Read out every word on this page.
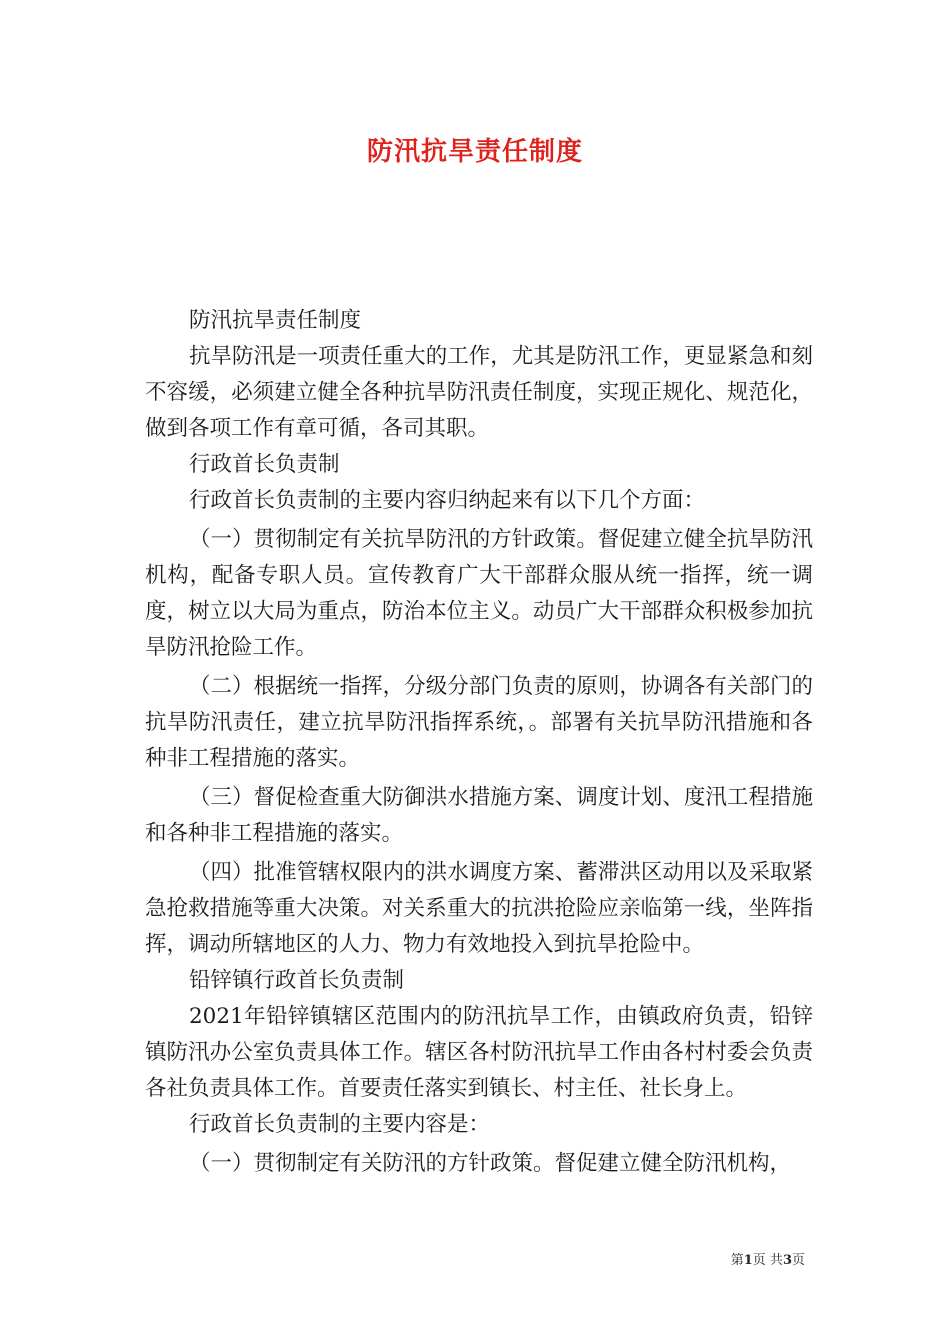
防汛抗旱责任制度

防汛抗旱责任制度

抗旱防汛是一项责任重大的工作，尤其是防汛工作，更显紧急和刻不容缓，必须建立健全各种抗旱防汛责任制度，实现正规化、规范化，做到各项工作有章可循，各司其职。

行政首长负责制

行政首长负责制的主要内容归纳起来有以下几个方面：

（一）贯彻制定有关抗旱防汛的方针政策。督促建立健全抗旱防汛机构，配备专职人员。宣传教育广大干部群众服从统一指挥，统一调度，树立以大局为重点，防治本位主义。动员广大干部群众积极参加抗旱防汛抢险工作。

（二）根据统一指挥，分级分部门负责的原则，协调各有关部门的抗旱防汛责任，建立抗旱防汛指挥系统，。部署有关抗旱防汛措施和各种非工程措施的落实。

（三）督促检查重大防御洪水措施方案、调度计划、度汛工程措施和各种非工程措施的落实。

（四）批准管辖权限内的洪水调度方案、蓄滞洪区动用以及采取紧急抢救措施等重大决策。对关系重大的抗洪抢险应亲临第一线，坐阵指挥，调动所辖地区的人力、物力有效地投入到抗旱抢险中。

铅锌镇行政首长负责制

2021年铅锌镇辖区范围内的防汛抗旱工作，由镇政府负责，铅锌镇防汛办公室负责具体工作。辖区各村防汛抗旱工作由各村村委会负责各社负责具体工作。首要责任落实到镇长、村主任、社长身上。

行政首长负责制的主要内容是：

（一）贯彻制定有关防汛的方针政策。督促建立健全防汛机构，

第1页 共3页
